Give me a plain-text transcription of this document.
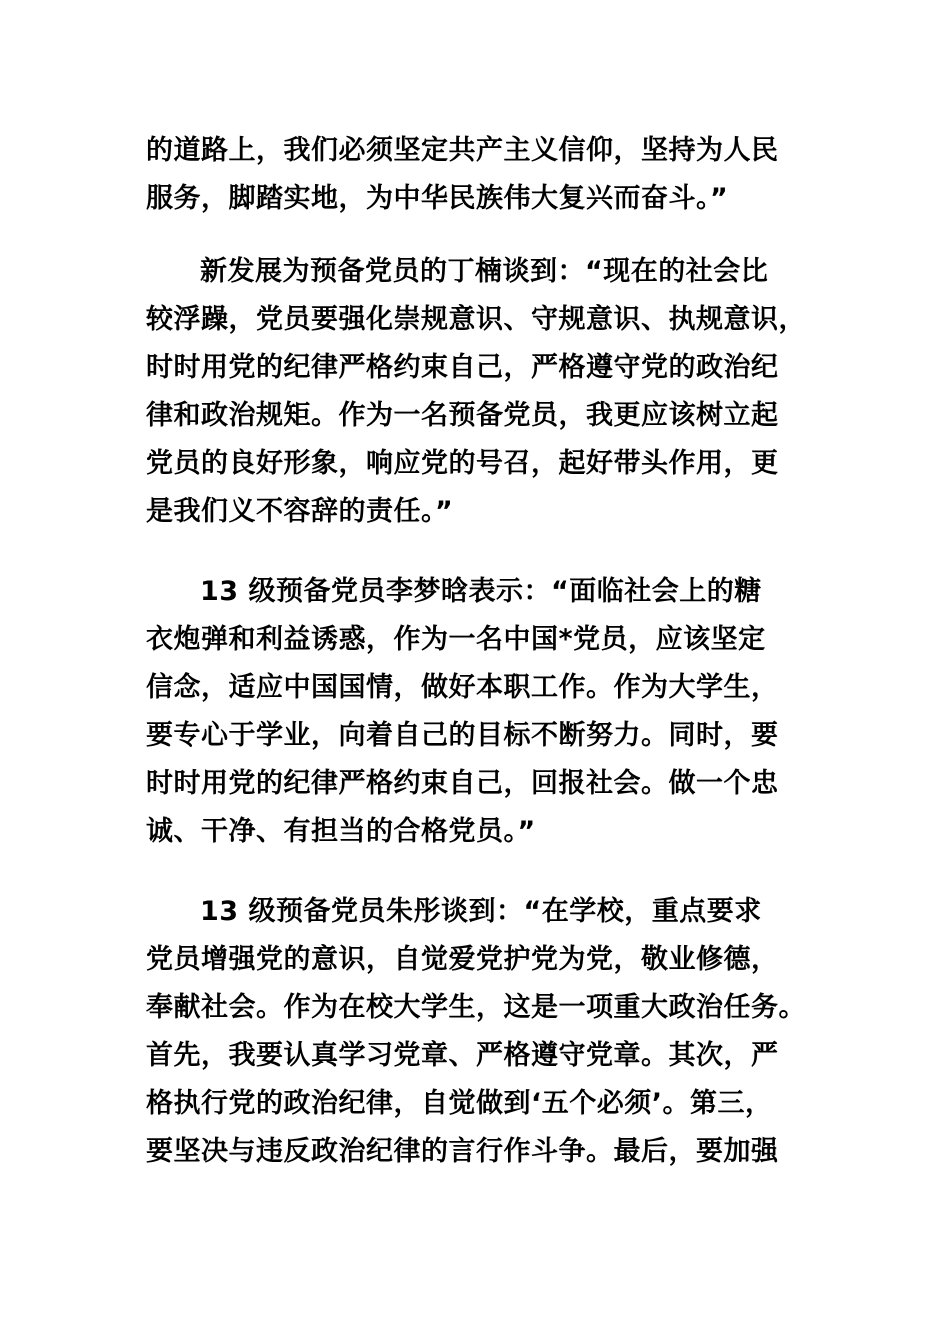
的道路上，我们必须坚定共产主义信仰，坚持为人民
服务，脚踏实地，为中华民族伟大复兴而奋斗。”
新发展为预备党员的丁楠谈到：“现在的社会比
较浮躁，党员要强化崇规意识、守规意识、执规意识，
时时用党的纪律严格约束自己，严格遵守党的政治纪
律和政治规矩。作为一名预备党员，我更应该树立起
党员的良好形象，响应党的号召，起好带头作用，更
是我们义不容辞的责任。”
13 级预备党员李梦晗表示：“面临社会上的糖
衣炮弹和利益诱惑，作为一名中国*党员，应该坚定
信念，适应中国国情，做好本职工作。作为大学生，
要专心于学业，向着自己的目标不断努力。同时，要
时时用党的纪律严格约束自己，回报社会。做一个忠
诚、干净、有担当的合格党员。”
13 级预备党员朱彤谈到：“在学校，重点要求
党员增强党的意识，自觉爱党护党为党，敬业修德，
奉献社会。作为在校大学生，这是一项重大政治任务。
首先，我要认真学习党章、严格遵守党章。其次，严
格执行党的政治纪律，自觉做到‘五个必须’。第三，
要坚决与违反政治纪律的言行作斗争。最后，要加强
